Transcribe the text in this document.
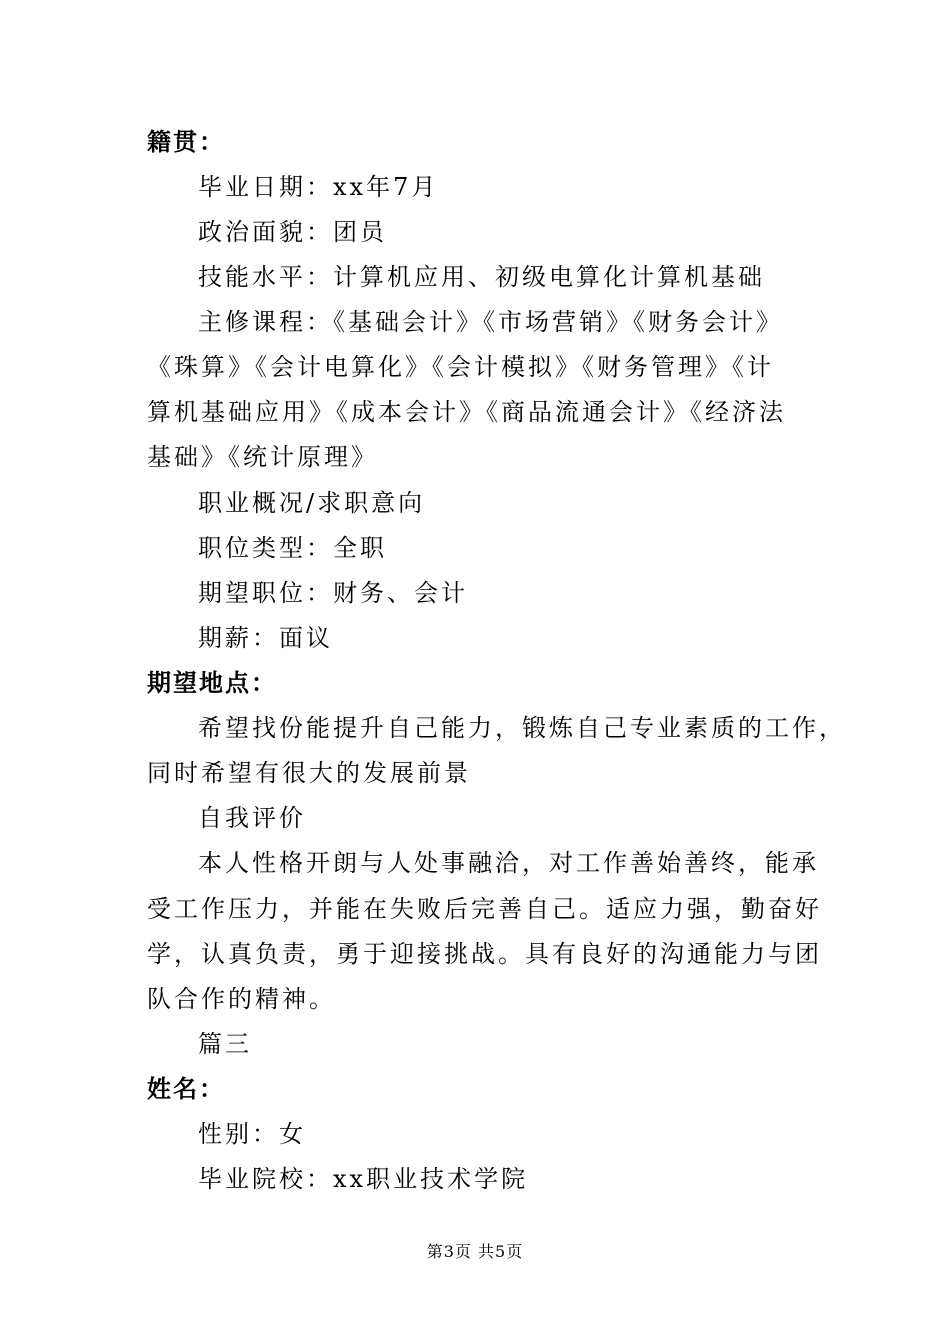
籍贯：

毕业日期：xx年7月

政治面貌：团员

技能水平：计算机应用、初级电算化计算机基础

主修课程：《基础会计》《市场营销》《财务会计》

《珠算》《会计电算化》《会计模拟》《财务管理》《计

算机基础应用》《成本会计》《商品流通会计》《经济法

基础》《统计原理》

职业概况/求职意向

职位类型：全职

期望职位：财务、会计

期薪：面议

期望地点：

希望找份能提升自己能力，锻炼自己专业素质的工作，

同时希望有很大的发展前景

自我评价

本人性格开朗与人处事融洽，对工作善始善终，能承

受工作压力，并能在失败后完善自己。适应力强，勤奋好

学，认真负责，勇于迎接挑战。具有良好的沟通能力与团

队合作的精神。

篇三

姓名：

性别：女

毕业院校：xx职业技术学院

第3页 共5页
